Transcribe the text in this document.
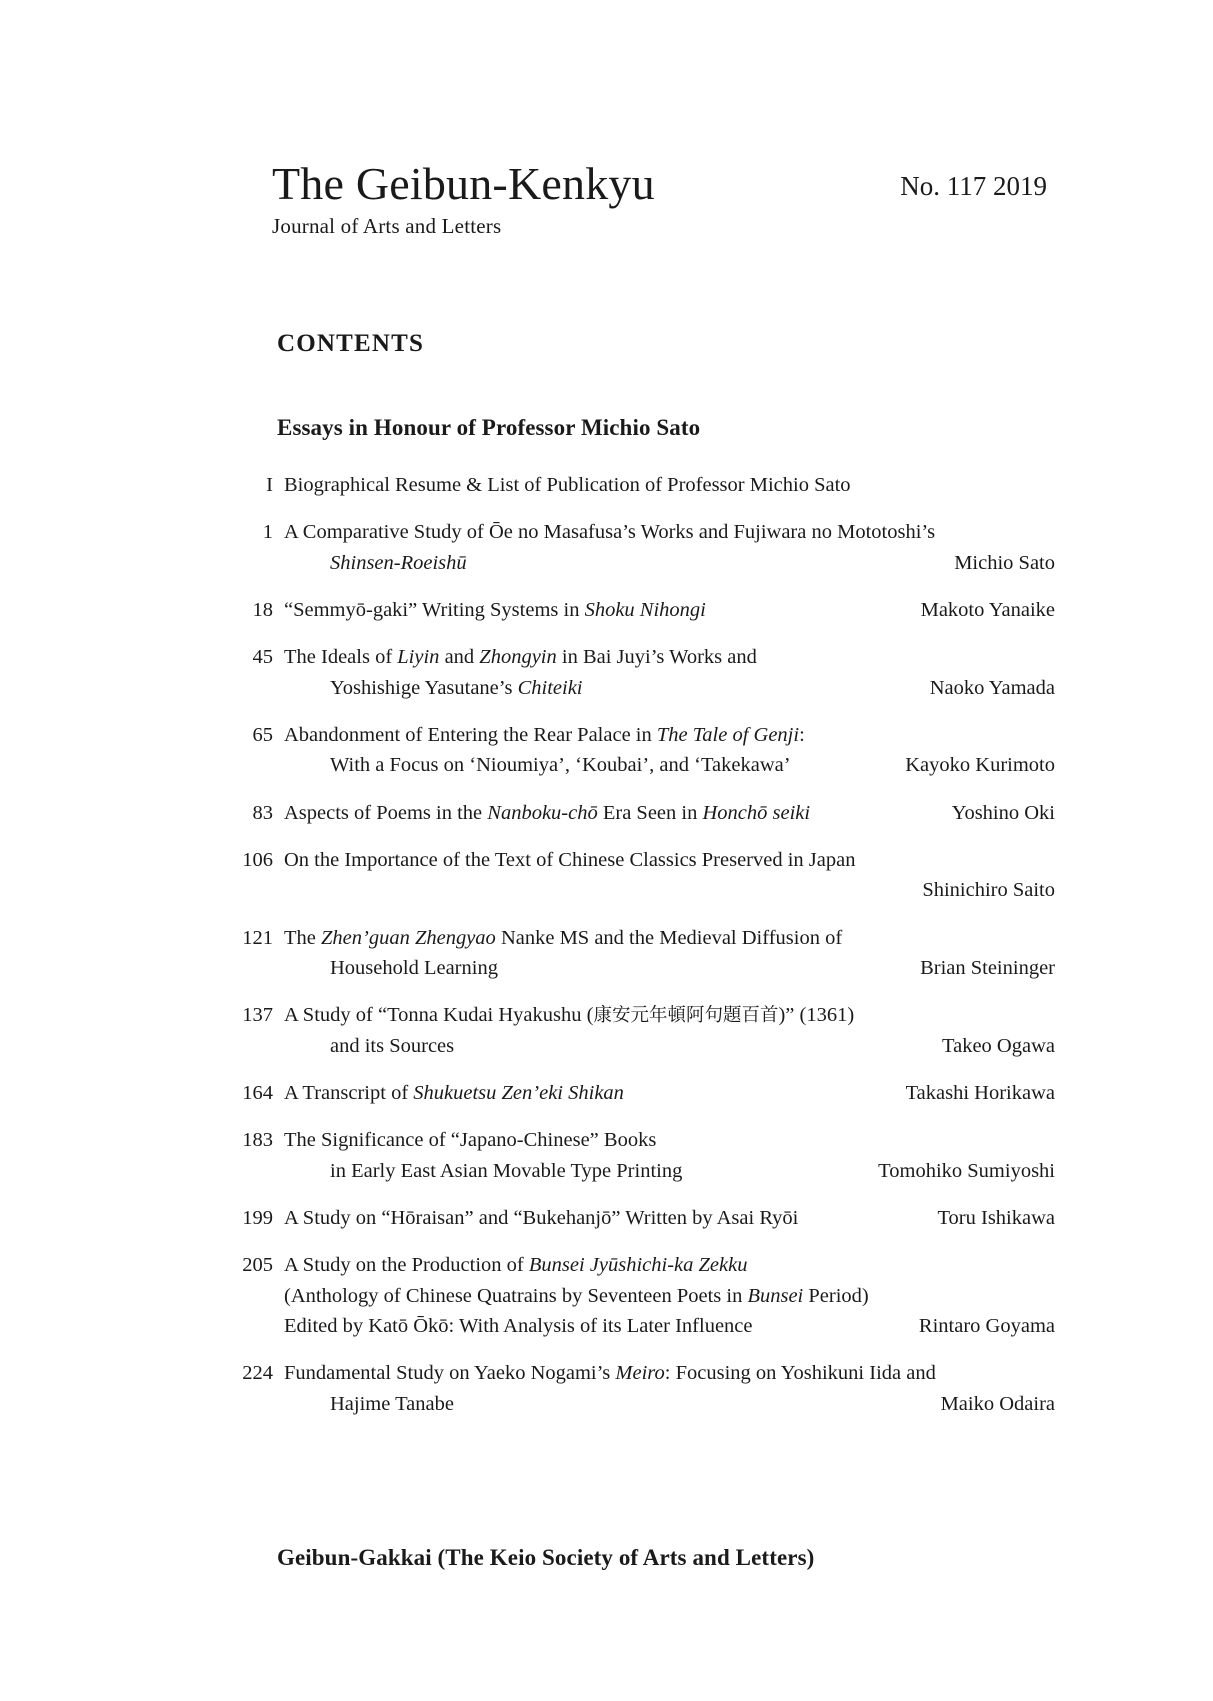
The Geibun-Kenkyu	No. 117 2019
Journal of Arts and Letters
CONTENTS
Essays in Honour of Professor Michio Sato
I Biographical Resume & List of Publication of Professor Michio Sato
1 A Comparative Study of Ōe no Masafusa’s Works and Fujiwara no Mototoshi’s
Shinsen-Roeishū	Michio Sato
18 “Semmyō-gaki” Writing Systems in Shoku Nihongi	Makoto Yanaike
45 The Ideals of Liyin and Zhongyin in Bai Juyi’s Works and
Yoshishige Yasutane’s Chiteiki	Naoko Yamada
65 Abandonment of Entering the Rear Palace in The Tale of Genji:
With a Focus on ‘Nioumiya’, ‘Koubai’, and ‘Takekawa’	Kayoko Kurimoto
83 Aspects of Poems in the Nanboku-chō Era Seen in Honchō seiki	Yoshino Oki
106 On the Importance of the Text of Chinese Classics Preserved in Japan
Shinichiro Saito
121 The Zhen’guan Zhengyao Nanke MS and the Medieval Diffusion of
Household Learning	Brian Steininger
137 A Study of “Tonna Kudai Hyakushu (康安元年頓阿句題百首)” (1361)
and its Sources	Takeo Ogawa
164 A Transcript of Shukuetsu Zen’eki Shikan	Takashi Horikawa
183 The Significance of “Japano-Chinese” Books
in Early East Asian Movable Type Printing	Tomohiko Sumiyoshi
199 A Study on “Hōraisan” and “Bukehanjō” Written by Asai Ryōi	Toru Ishikawa
205 A Study on the Production of Bunsei Jyūshichi-ka Zekku
(Anthology of Chinese Quatrains by Seventeen Poets in Bunsei Period)
Edited by Katō Ōkō: With Analysis of its Later Influence	Rintaro Goyama
224 Fundamental Study on Yaeko Nogami’s Meiro: Focusing on Yoshikuni Iida and
Hajime Tanabe	Maiko Odaira
Geibun-Gakkai (The Keio Society of Arts and Letters)
